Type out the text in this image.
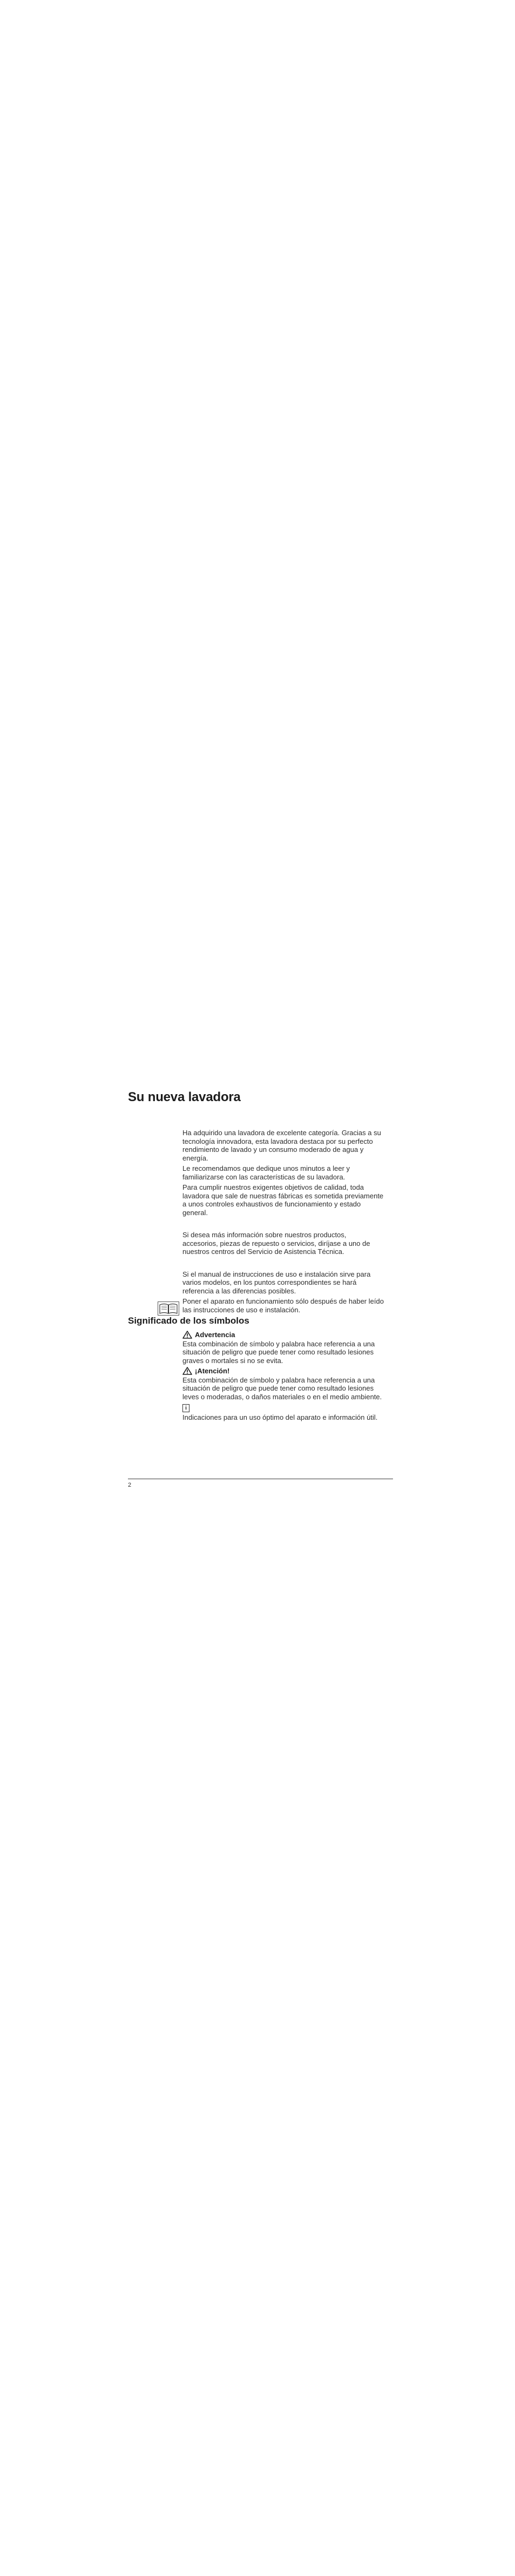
Su nueva lavadora

Ha adquirido una lavadora de excelente categoría. Gracias a su
tecnología innovadora, esta lavadora destaca por su perfecto
rendimiento de lavado y un consumo moderado de agua y
energía.

Le recomendamos que dedique unos minutos a leer y
familiarizarse con las características de su lavadora.

Para cumplir nuestros exigentes objetivos de calidad, toda
lavadora que sale de nuestras fábricas es sometida previamente
a unos controles exhaustivos de funcionamiento y estado
general.

Si desea más información sobre nuestros productos,
accesorios, piezas de repuesto o servicios, diríjase a uno de
nuestros centros del Servicio de Asistencia Técnica.

Si el manual de instrucciones de uso e instalación sirve para
varios modelos, en los puntos correspondientes se hará
referencia a las diferencias posibles.

Poner el aparato en funcionamiento sólo después de haber leído
las instrucciones de uso e instalación.

Significado de los símbolos
Advertencia

Esta combinación de símbolo y palabra hace referencia a una
situación de peligro que puede tener como resultado lesiones
graves o mortales si no se evita.

¡Atención!

Esta combinación de símbolo y palabra hace referencia a una
situación de peligro que puede tener como resultado lesiones
leves o moderadas, o daños materiales o en el medio ambiente.

i

Indicaciones para un uso óptimo del aparato e información útil.

2
